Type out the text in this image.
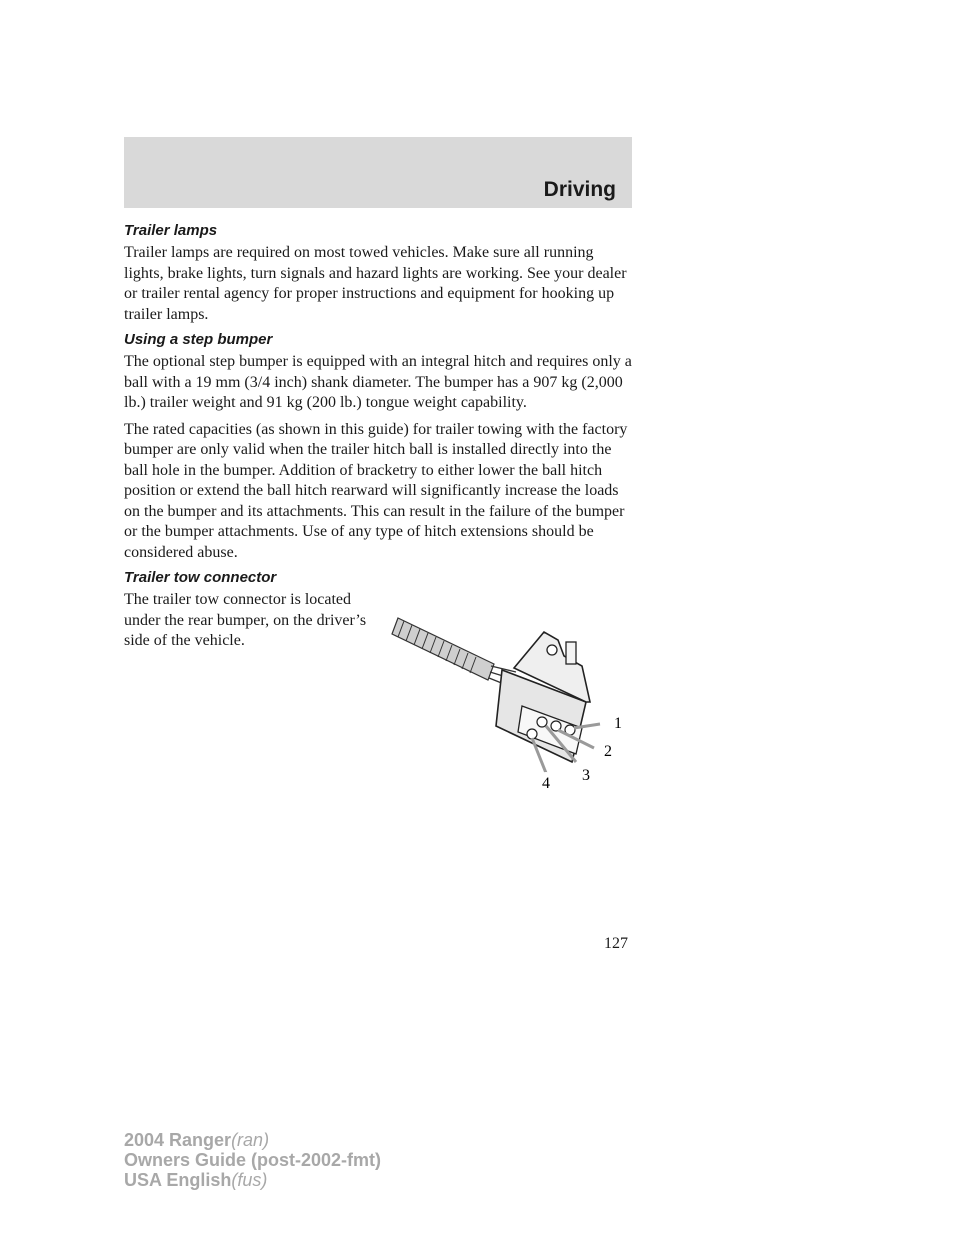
Driving
Trailer lamps

Trailer lamps are required on most towed vehicles. Make sure all running lights, brake lights, turn signals and hazard lights are working. See your dealer or trailer rental agency for proper instructions and equipment for hooking up trailer lamps.

Using a step bumper

The optional step bumper is equipped with an integral hitch and requires only a ball with a 19 mm (3/4 inch) shank diameter. The bumper has a 907 kg (2,000 lb.) trailer weight and 91 kg (200 lb.) tongue weight capability.

The rated capacities (as shown in this guide) for trailer towing with the factory bumper are only valid when the trailer hitch ball is installed directly into the ball hole in the bumper. Addition of bracketry to either lower the ball hitch position or extend the ball hitch rearward will significantly increase the loads on the bumper and its attachments. This can result in the failure of the bumper or the bumper attachments. Use of any type of hitch extensions should be considered abuse.

Trailer tow connector

The trailer tow connector is located under the rear bumper, on the driver’s side of the vehicle.

1
2
3
4
127
2004 Ranger(ran)
Owners Guide (post-2002-fmt)
USA English(fus)
